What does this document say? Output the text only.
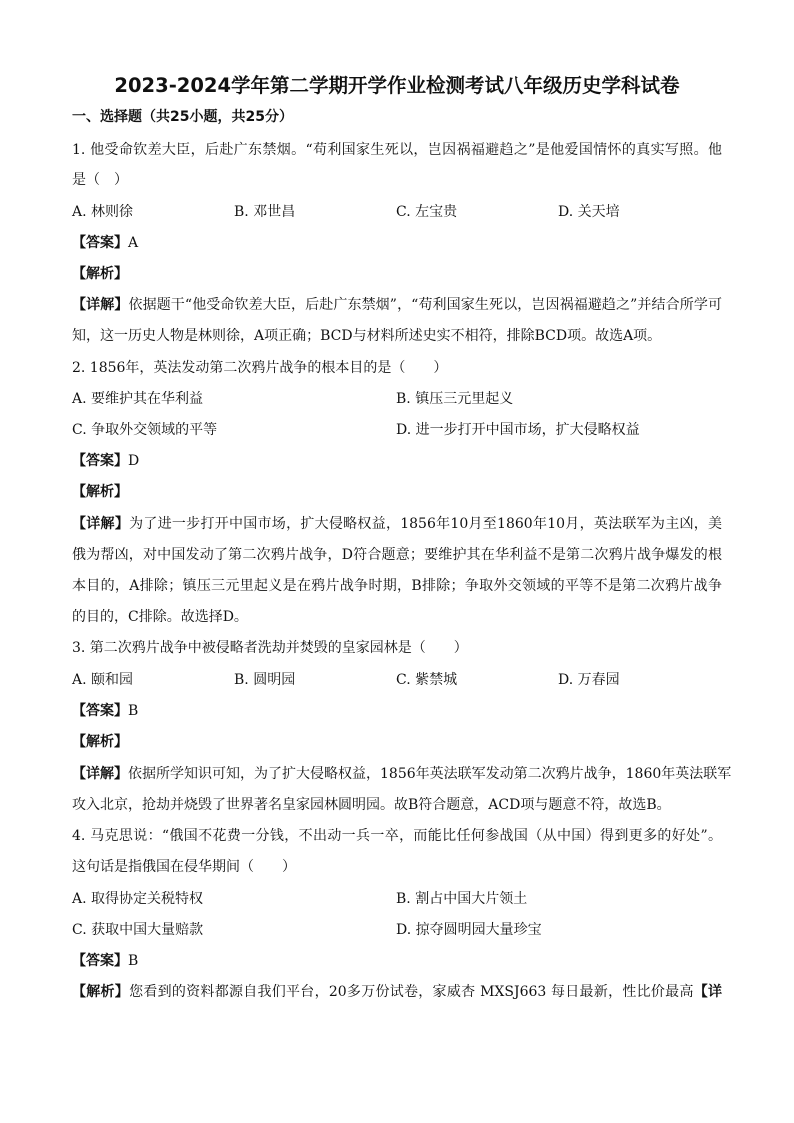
2023-2024学年第二学期开学作业检测考试八年级历史学科试卷
一、选择题（共25小题，共25分）
1. 他受命钦差大臣，后赴广东禁烟。“苟利国家生死以，岂因祸福避趋之”是他爱国情怀的真实写照。他
是（　）
A. 林则徐	B. 邓世昌	C. 左宝贵	D. 关天培
【答案】A
【解析】
【详解】依据题干“他受命钦差大臣，后赴广东禁烟”，“苟利国家生死以，岂因祸福避趋之”并结合所学可
知，这一历史人物是林则徐，A项正确；BCD与材料所述史实不相符，排除BCD项。故选A项。
2. 1856年，英法发动第二次鸦片战争的根本目的是（　　）
A. 要维护其在华利益	B. 镇压三元里起义
C. 争取外交领域的平等	D. 进一步打开中国市场，扩大侵略权益
【答案】D
【解析】
【详解】为了进一步打开中国市场，扩大侵略权益，1856年10月至1860年10月，英法联军为主凶，美
俄为帮凶，对中国发动了第二次鸦片战争，D符合题意；要维护其在华利益不是第二次鸦片战争爆发的根
本目的，A排除；镇压三元里起义是在鸦片战争时期，B排除；争取外交领域的平等不是第二次鸦片战争
的目的，C排除。故选择D。
3. 第二次鸦片战争中被侵略者洗劫并焚毁的皇家园林是（　　）
A. 颐和园	B. 圆明园	C. 紫禁城	D. 万春园
【答案】B
【解析】
【详解】依据所学知识可知，为了扩大侵略权益，1856年英法联军发动第二次鸦片战争，1860年英法联军
攻入北京，抢劫并烧毁了世界著名皇家园林圆明园。故B符合题意，ACD项与题意不符，故选B。
4. 马克思说：“俄国不花费一分钱，不出动一兵一卒，而能比任何参战国（从中国）得到更多的好处”。
这句话是指俄国在侵华期间（　　）
A. 取得协定关税特权	B. 割占中国大片领土
C. 获取中国大量赔款	D. 掠夺圆明园大量珍宝
【答案】B
【解析】您看到的资料都源自我们平台，20多万份试卷，家威杏 MXSJ663 每日最新，性比价最高【详
